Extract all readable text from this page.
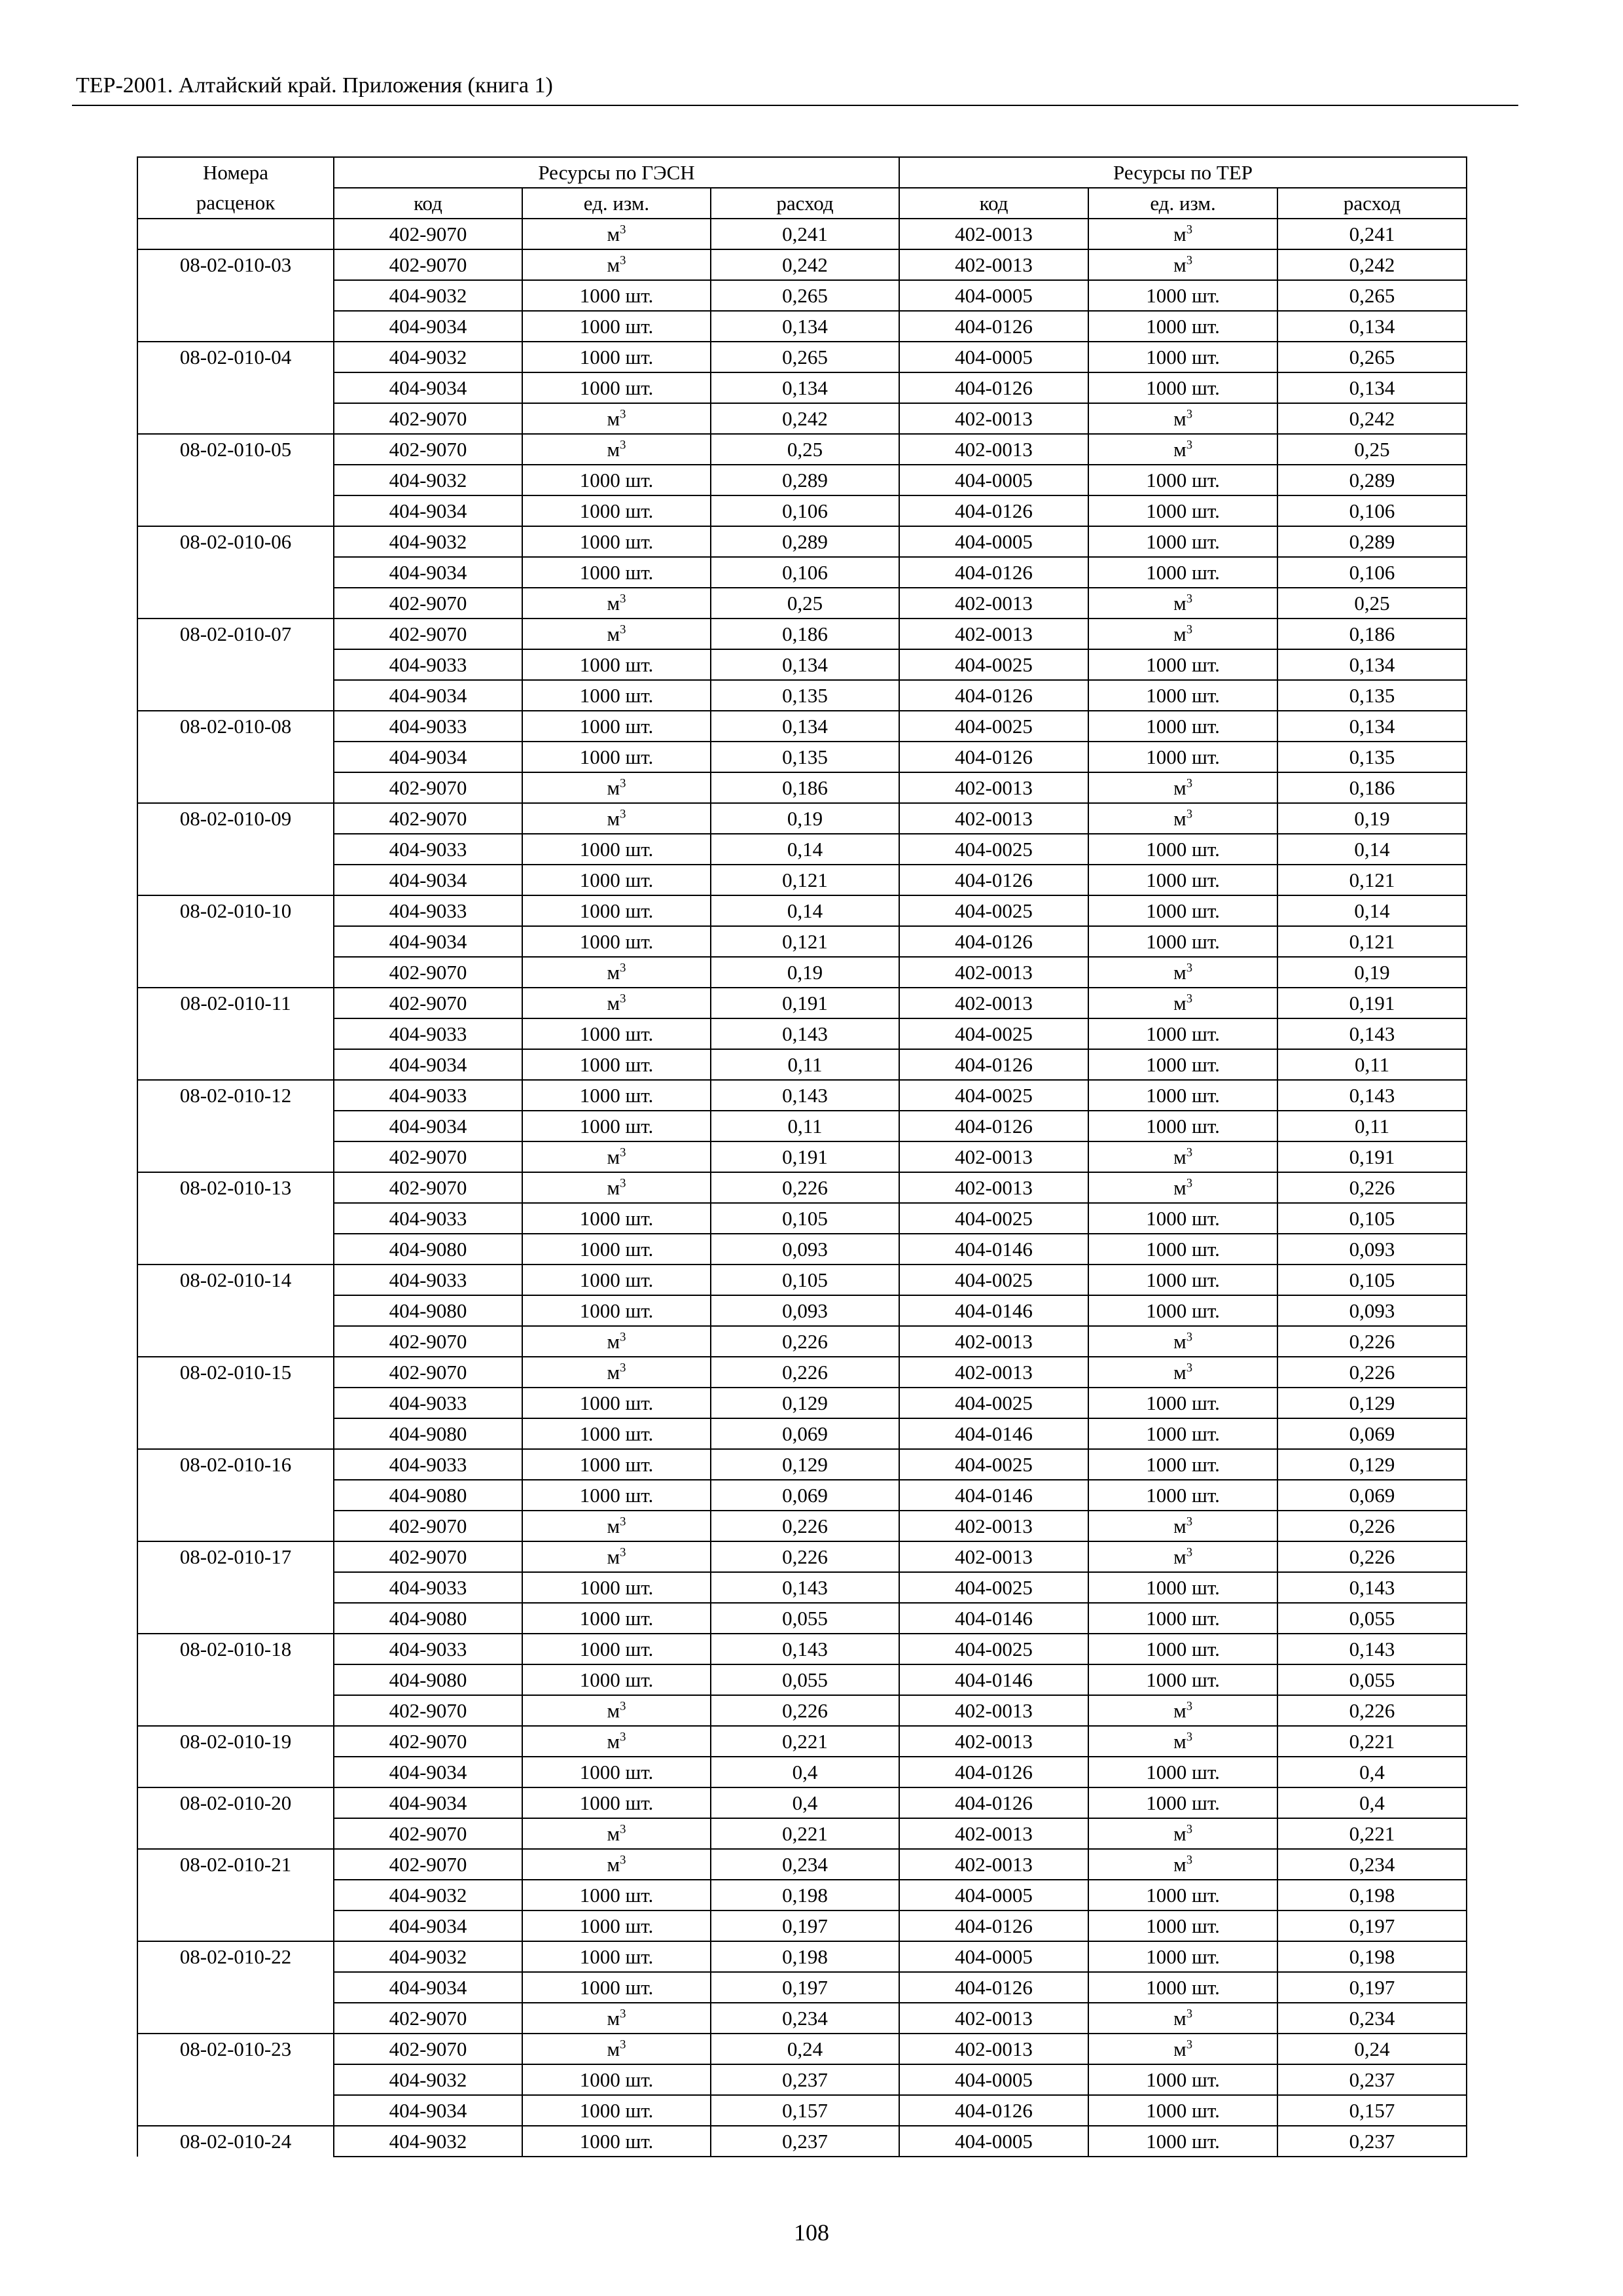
ТЕР-2001. Алтайский край. Приложения (книга 1)
Номера	Ресурсы по ГЭСН			Ресурсы по ТЕР		
расценок	код	ед. изм.	расход	код	ед. изм.	расход
	402-9070	$м^3$	0,241	402-0013	$м^3$	0,241
08-02-010-03	402-9070	$м^3$	0,242	402-0013	$м^3$	0,242
	404-9032	1000 шт.	0,265	404-0005	1000 шт.	0,265
	404-9034	1000 шт.	0,134	404-0126	1000 шт.	0,134
08-02-010-04	404-9032	1000 шт.	0,265	404-0005	1000 шт.	0,265
	404-9034	1000 шт.	0,134	404-0126	1000 шт.	0,134
	402-9070	$м^3$	0,242	402-0013	$м^3$	0,242
08-02-010-05	402-9070	$м^3$	0,25	402-0013	$м^3$	0,25
	404-9032	1000 шт.	0,289	404-0005	1000 шт.	0,289
	404-9034	1000 шт.	0,106	404-0126	1000 шт.	0,106
08-02-010-06	404-9032	1000 шт.	0,289	404-0005	1000 шт.	0,289
	404-9034	1000 шт.	0,106	404-0126	1000 шт.	0,106
	402-9070	$м^3$	0,25	402-0013	$м^3$	0,25
08-02-010-07	402-9070	$м^3$	0,186	402-0013	$м^3$	0,186
	404-9033	1000 шт.	0,134	404-0025	1000 шт.	0,134
	404-9034	1000 шт.	0,135	404-0126	1000 шт.	0,135
08-02-010-08	404-9033	1000 шт.	0,134	404-0025	1000 шт.	0,134
	404-9034	1000 шт.	0,135	404-0126	1000 шт.	0,135
	402-9070	$м^3$	0,186	402-0013	$м^3$	0,186
08-02-010-09	402-9070	$м^3$	0,19	402-0013	$м^3$	0,19
	404-9033	1000 шт.	0,14	404-0025	1000 шт.	0,14
	404-9034	1000 шт.	0,121	404-0126	1000 шт.	0,121
08-02-010-10	404-9033	1000 шт.	0,14	404-0025	1000 шт.	0,14
	404-9034	1000 шт.	0,121	404-0126	1000 шт.	0,121
	402-9070	$м^3$	0,19	402-0013	$м^3$	0,19
08-02-010-11	402-9070	$м^3$	0,191	402-0013	$м^3$	0,191
	404-9033	1000 шт.	0,143	404-0025	1000 шт.	0,143
	404-9034	1000 шт.	0,11	404-0126	1000 шт.	0,11
08-02-010-12	404-9033	1000 шт.	0,143	404-0025	1000 шт.	0,143
	404-9034	1000 шт.	0,11	404-0126	1000 шт.	0,11
	402-9070	$м^3$	0,191	402-0013	$м^3$	0,191
08-02-010-13	402-9070	$м^3$	0,226	402-0013	$м^3$	0,226
	404-9033	1000 шт.	0,105	404-0025	1000 шт.	0,105
	404-9080	1000 шт.	0,093	404-0146	1000 шт.	0,093
08-02-010-14	404-9033	1000 шт.	0,105	404-0025	1000 шт.	0,105
	404-9080	1000 шт.	0,093	404-0146	1000 шт.	0,093
	402-9070	$м^3$	0,226	402-0013	$м^3$	0,226
08-02-010-15	402-9070	$м^3$	0,226	402-0013	$м^3$	0,226
	404-9033	1000 шт.	0,129	404-0025	1000 шт.	0,129
	404-9080	1000 шт.	0,069	404-0146	1000 шт.	0,069
08-02-010-16	404-9033	1000 шт.	0,129	404-0025	1000 шт.	0,129
	404-9080	1000 шт.	0,069	404-0146	1000 шт.	0,069
	402-9070	$м^3$	0,226	402-0013	$м^3$	0,226
08-02-010-17	402-9070	$м^3$	0,226	402-0013	$м^3$	0,226
	404-9033	1000 шт.	0,143	404-0025	1000 шт.	0,143
	404-9080	1000 шт.	0,055	404-0146	1000 шт.	0,055
08-02-010-18	404-9033	1000 шт.	0,143	404-0025	1000 шт.	0,143
	404-9080	1000 шт.	0,055	404-0146	1000 шт.	0,055
	402-9070	$м^3$	0,226	402-0013	$м^3$	0,226
08-02-010-19	402-9070	$м^3$	0,221	402-0013	$м^3$	0,221
	404-9034	1000 шт.	0,4	404-0126	1000 шт.	0,4
08-02-010-20	404-9034	1000 шт.	0,4	404-0126	1000 шт.	0,4
	402-9070	$м^3$	0,221	402-0013	$м^3$	0,221
08-02-010-21	402-9070	$м^3$	0,234	402-0013	$м^3$	0,234
	404-9032	1000 шт.	0,198	404-0005	1000 шт.	0,198
	404-9034	1000 шт.	0,197	404-0126	1000 шт.	0,197
08-02-010-22	404-9032	1000 шт.	0,198	404-0005	1000 шт.	0,198
	404-9034	1000 шт.	0,197	404-0126	1000 шт.	0,197
	402-9070	$м^3$	0,234	402-0013	$м^3$	0,234
08-02-010-23	402-9070	$м^3$	0,24	402-0013	$м^3$	0,24
	404-9032	1000 шт.	0,237	404-0005	1000 шт.	0,237
	404-9034	1000 шт.	0,157	404-0126	1000 шт.	0,157
08-02-010-24	404-9032	1000 шт.	0,237	404-0005	1000 шт.	0,237
108
